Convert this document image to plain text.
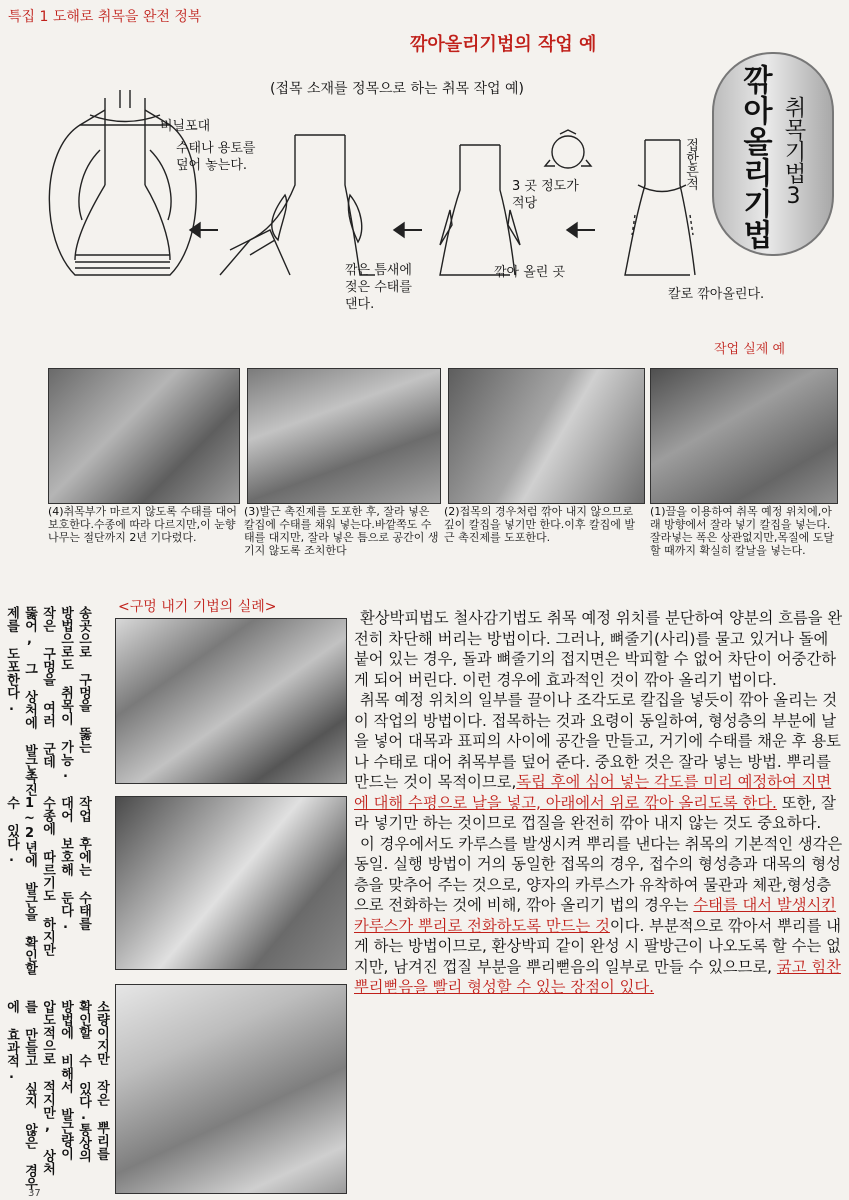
특집 1 도해로 취목을 완전 정복
깎아올리기법의 작업 예
(접목 소재를 정목으로 하는 취목 작업 예)	깎아올리기법 취목기법3
비닐포대
수태나 용토를
덮어 놓는다.
깎은 틈새에
젖은 수태를
댄다.
3 곳 정도가
적당
깎아 올린 곳
접한흔적
칼로 깎아올린다.
작업 실제 예
(4)취목부가 마르지 않도록 수태를 대어 보호한다.수종에 따라 다르지만,이 눈향나무는 절단까지 2년 기다렸다.
(3)발근 촉진제를 도포한 후, 잘라 넣은 칼집에 수태를 채워 넣는다.바깥쪽도 수태를 대지만, 잘라 넣은 틈으로 공간이 생기지 않도록 조치한다
(2)접목의 경우처럼 깎아 내지 않으므로 깊이 칼집을 넣기만 한다.이후 칼집에 발근 촉진제를 도포한다.
(1)끌을 이용하여 취목 예정 위치에,아래 방향에서 잘라 넣기 칼집을 넣는다.잘라넣는 폭은 상관없지만,목질에 도달할 때까지 확실히 칼날을 넣는다.
<구멍 내기 기법의 실례>
제를 도포한다. 뚫어, 그 상처에 발근촉진 작은 구멍을 여러 군데 방법으로도 취목이 가능. 송곳으로 구멍을 뚫는
수 있다. 1~2년에 발근을 확인할 수종에 따르기도 하지만 대어 보호해 둔다. 작업 후에는 수태를
에 효과적. 를 만들고 싶지 않은 경우 압도적으로 적지만, 상처 방법에 비해서 발근량이 확인할 수 있다.통상의 소량이지만 작은 뿌리를

환상박피법도 철사감기법도 취목 예정 위치를 분단하여 양분의 흐름을 완전히 차단해 버리는 방법이다. 그러나, 뼈줄기(사리)를 물고 있거나 돌에 붙어 있는 경우, 돌과 뼈줄기의 접지면은 박피할 수 없어 차단이 어중간하게 되어 버린다. 이런 경우에 효과적인 것이 깎아 올리기 법이다.

취목 예정 위치의 일부를 끌이나 조각도로 칼집을 넣듯이 깎아 올리는 것이 작업의 방법이다. 접목하는 것과 요령이 동일하여, 형성층의 부분에 날을 넣어 대목과 표피의 사이에 공간을 만들고, 거기에 수태를 채운 후 용토나 수태로 대어 취목부를 덮어 준다. 중요한 것은 잘라 넣는 방법. 뿌리를 만드는 것이 목적이므로,독립 후에 심어 넣는 각도를 미리 예정하여 지면에 대해 수평으로 날을 넣고, 아래에서 위로 깎아 올리도록 한다. 또한, 잘라 넣기만 하는 것이므로 껍질을 완전히 깎아 내지 않는 것도 중요하다.

이 경우에서도 카루스를 발생시켜 뿌리를 낸다는 취목의 기본적인 생각은 동일. 실행 방법이 거의 동일한 접목의 경우, 접수의 형성층과 대목의 형성층을 맞추어 주는 것으로, 양자의 카루스가 유착하여 물관과 체관,형성층으로 전화하는 것에 비해, 깎아 올리기 법의 경우는 수태를 대서 발생시킨 카루스가 뿌리로 전화하도록 만드는 것이다. 부분적으로 깎아서 뿌리를 내게 하는 방법이므로, 환상박피 같이 완성 시 팔방근이 나오도록 할 수는 없지만, 남겨진 껍질 부분을 뿌리뻗음의 일부로 만들 수 있으므로, 굵고 힘찬 뿌리뻗음을 빨리 형성할 수 있는 장점이 있다.

37
